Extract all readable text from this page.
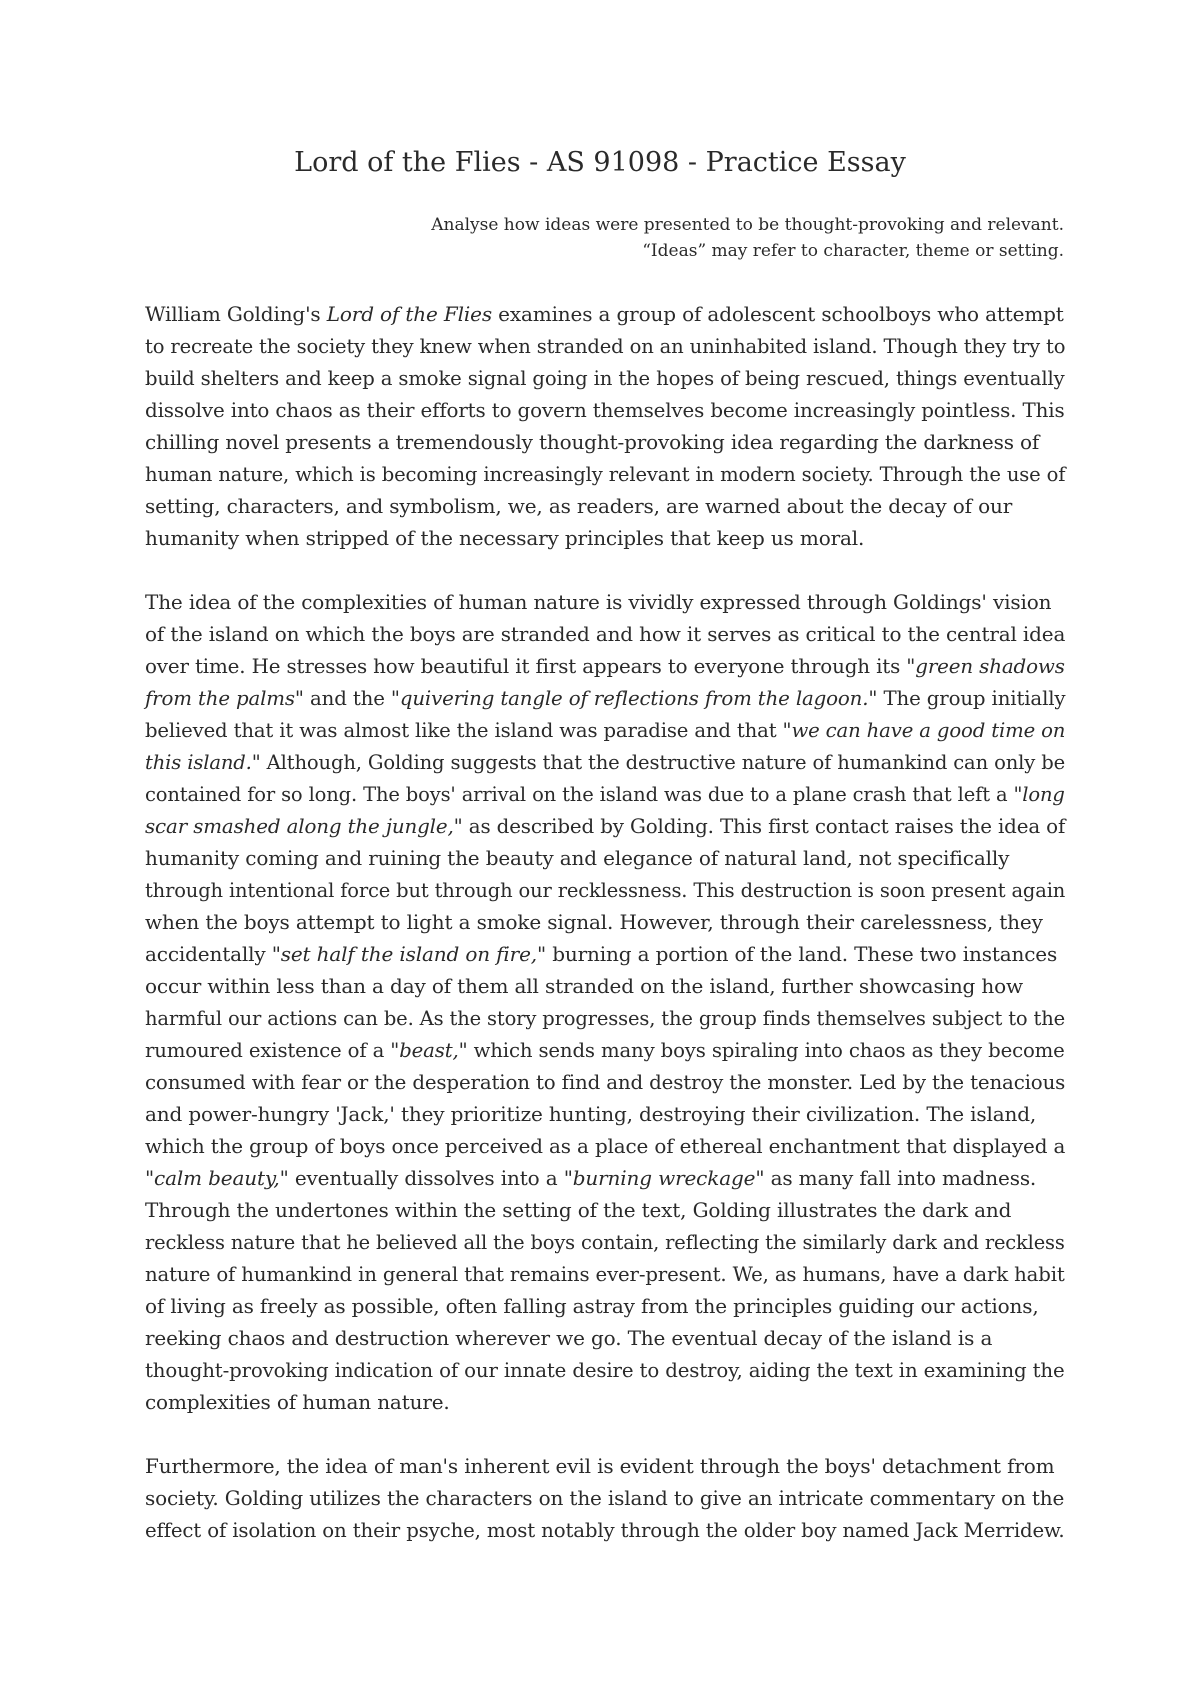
Lord of the Flies - AS 91098 - Practice Essay
Analyse how ideas were presented to be thought-provoking and relevant.
“Ideas” may refer to character, theme or setting.
William Golding's Lord of the Flies examines a group of adolescent schoolboys who attempt
to recreate the society they knew when stranded on an uninhabited island. Though they try to
build shelters and keep a smoke signal going in the hopes of being rescued, things eventually
dissolve into chaos as their efforts to govern themselves become increasingly pointless. This
chilling novel presents a tremendously thought-provoking idea regarding the darkness of
human nature, which is becoming increasingly relevant in modern society. Through the use of
setting, characters, and symbolism, we, as readers, are warned about the decay of our
humanity when stripped of the necessary principles that keep us moral.
The idea of the complexities of human nature is vividly expressed through Goldings' vision
of the island on which the boys are stranded and how it serves as critical to the central idea
over time. He stresses how beautiful it first appears to everyone through its "green shadows
from the palms" and the "quivering tangle of reflections from the lagoon." The group initially
believed that it was almost like the island was paradise and that "we can have a good time on
this island." Although, Golding suggests that the destructive nature of humankind can only be
contained for so long. The boys' arrival on the island was due to a plane crash that left a "long
scar smashed along the jungle," as described by Golding. This first contact raises the idea of
humanity coming and ruining the beauty and elegance of natural land, not specifically
through intentional force but through our recklessness. This destruction is soon present again
when the boys attempt to light a smoke signal. However, through their carelessness, they
accidentally "set half the island on fire," burning a portion of the land. These two instances
occur within less than a day of them all stranded on the island, further showcasing how
harmful our actions can be. As the story progresses, the group finds themselves subject to the
rumoured existence of a "beast," which sends many boys spiraling into chaos as they become
consumed with fear or the desperation to find and destroy the monster. Led by the tenacious
and power-hungry 'Jack,' they prioritize hunting, destroying their civilization. The island,
which the group of boys once perceived as a place of ethereal enchantment that displayed a
"calm beauty," eventually dissolves into a "burning wreckage" as many fall into madness.
Through the undertones within the setting of the text, Golding illustrates the dark and
reckless nature that he believed all the boys contain, reflecting the similarly dark and reckless
nature of humankind in general that remains ever-present. We, as humans, have a dark habit
of living as freely as possible, often falling astray from the principles guiding our actions,
reeking chaos and destruction wherever we go. The eventual decay of the island is a
thought-provoking indication of our innate desire to destroy, aiding the text in examining the
complexities of human nature.
Furthermore, the idea of man's inherent evil is evident through the boys' detachment from
society. Golding utilizes the characters on the island to give an intricate commentary on the
effect of isolation on their psyche, most notably through the older boy named Jack Merridew.
